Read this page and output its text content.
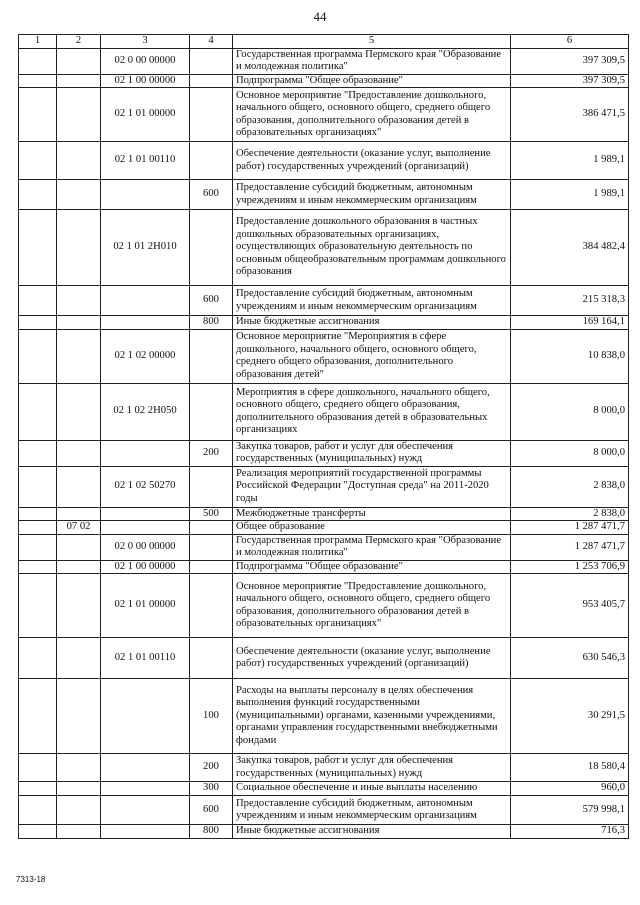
44
1	2	3	4	5	6
		02 0 00 00000		Государственная программа Пермского края "Образование и молодежная политика"	397 309,5
		02 1 00 00000		Подпрограмма "Общее образование"	397 309,5
		02 1 01 00000		Основное мероприятие "Предоставление дошкольного, начального общего, основного общего, среднего общего образования, дополнительного образования детей в образовательных организациях"	386 471,5
		02 1 01 00110		Обеспечение деятельности (оказание услуг, выполнение работ) государственных учреждений (организаций)	1 989,1
			600	Предоставление субсидий бюджетным, автономным учреждениям и иным некоммерческим организациям	1 989,1
		02 1 01 2Н010		Предоставление дошкольного образования в частных дошкольных образовательных организациях, осуществляющих образовательную деятельность по основным общеобразовательным программам дошкольного образования	384 482,4
			600	Предоставление субсидий бюджетным, автономным учреждениям и иным некоммерческим организациям	215 318,3
			800	Иные бюджетные ассигнования	169 164,1
		02 1 02 00000		Основное мероприятие "Мероприятия в сфере дошкольного, начального общего, основного общего, среднего общего образования, дополнительного образования детей"	10 838,0
		02 1 02 2Н050		Мероприятия в сфере дошкольного, начального общего, основного общего, среднего общего образования, дополнительного образования детей в образовательных организациях	8 000,0
			200	Закупка товаров, работ и услуг для обеспечения государственных (муниципальных) нужд	8 000,0
		02 1 02 50270		Реализация мероприятий государственной программы Российской Федерации "Доступная среда" на 2011-2020 годы	2 838,0
			500	Межбюджетные трансферты	2 838,0
	07 02			Общее образование	1 287 471,7
		02 0 00 00000		Государственная программа Пермского края "Образование и молодежная политика"	1 287 471,7
		02 1 00 00000		Подпрограмма "Общее образование"	1 253 706,9
		02 1 01 00000		Основное мероприятие "Предоставление дошкольного, начального общего, основного общего, среднего общего образования, дополнительного образования детей в образовательных организациях"	953 405,7
		02 1 01 00110		Обеспечение деятельности (оказание услуг, выполнение работ) государственных учреждений (организаций)	630 546,3
			100	Расходы на выплаты персоналу в целях обеспечения выполнения функций государственными (муниципальными) органами, казенными учреждениями, органами управления государственными внебюджетными фондами	30 291,5
			200	Закупка товаров, работ и услуг для обеспечения государственных (муниципальных) нужд	18 580,4
			300	Социальное обеспечение и иные выплаты населению	960,0
			600	Предоставление субсидий бюджетным, автономным учреждениям и иным некоммерческим организациям	579 998,1
			800	Иные бюджетные ассигнования	716,3
7313-18
